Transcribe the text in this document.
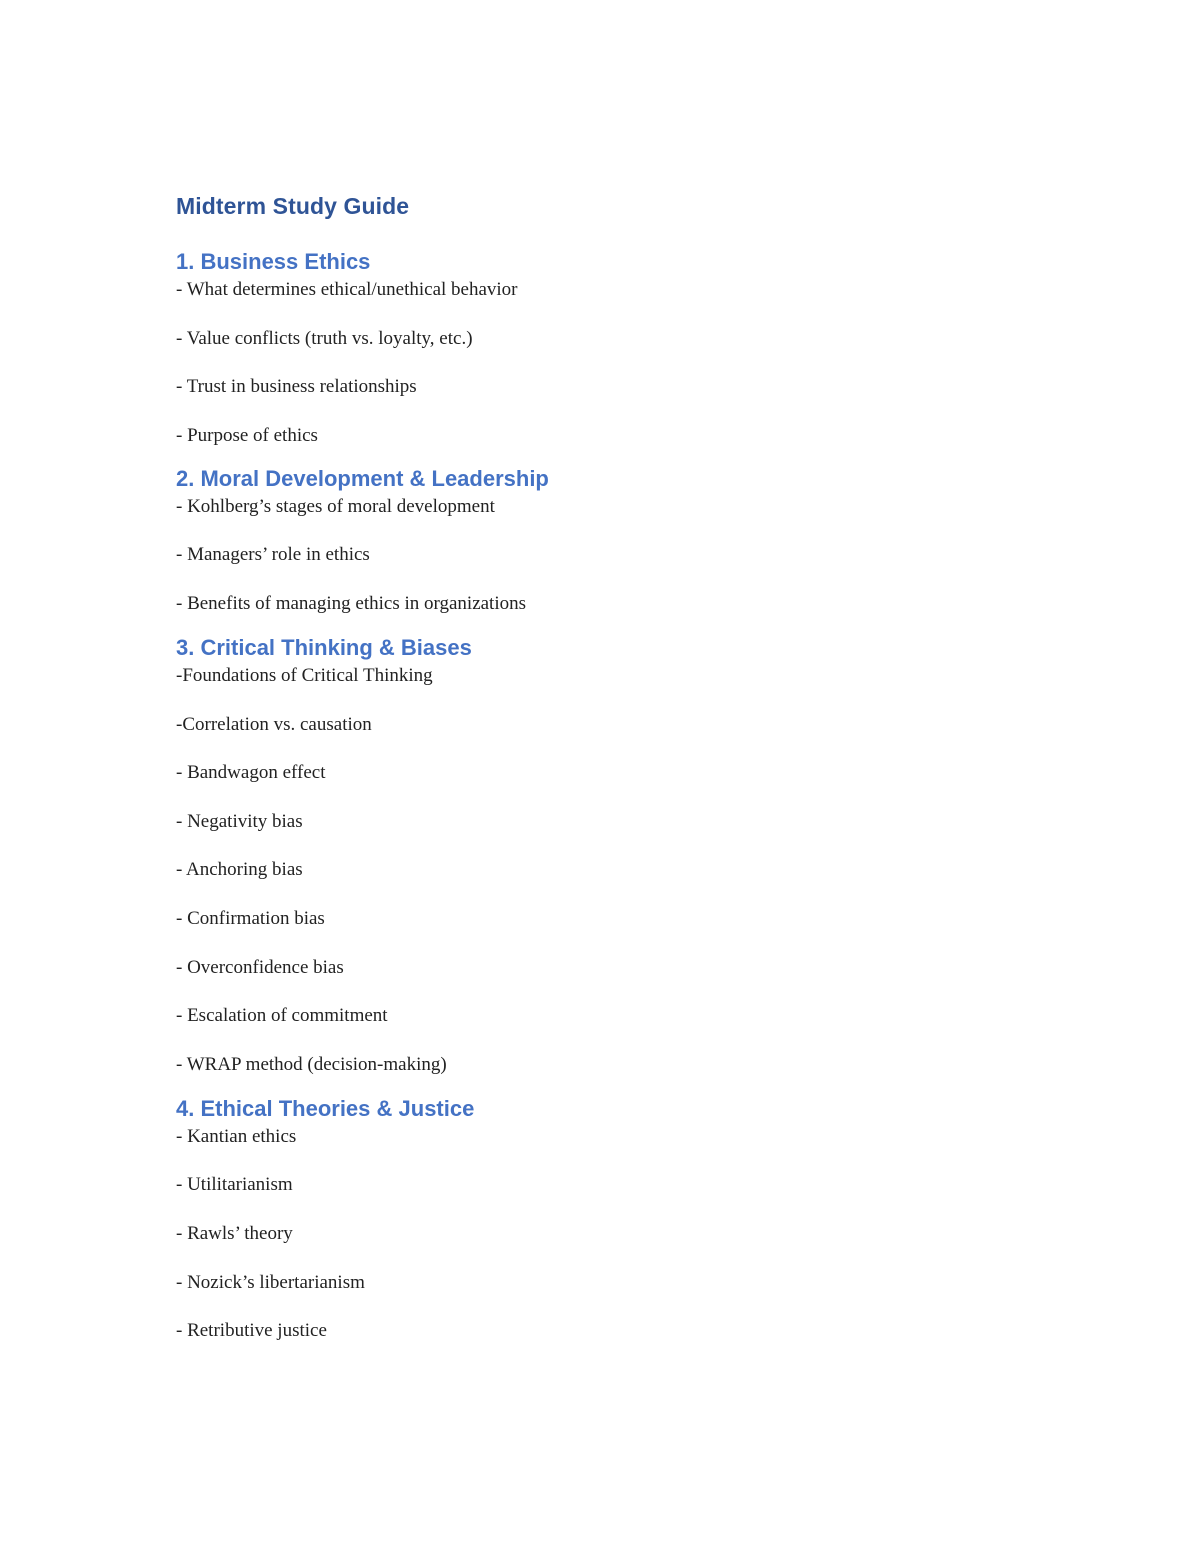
Midterm Study Guide
1. Business Ethics

- What determines ethical/unethical behavior

- Value conflicts (truth vs. loyalty, etc.)

- Trust in business relationships

- Purpose of ethics

2. Moral Development & Leadership

- Kohlberg’s stages of moral development

- Managers’ role in ethics

- Benefits of managing ethics in organizations

3. Critical Thinking & Biases

-Foundations of Critical Thinking

-Correlation vs. causation

- Bandwagon effect

- Negativity bias

- Anchoring bias

- Confirmation bias

- Overconfidence bias

- Escalation of commitment

- WRAP method (decision-making)

4. Ethical Theories & Justice

- Kantian ethics

- Utilitarianism

- Rawls’ theory

- Nozick’s libertarianism

- Retributive justice
